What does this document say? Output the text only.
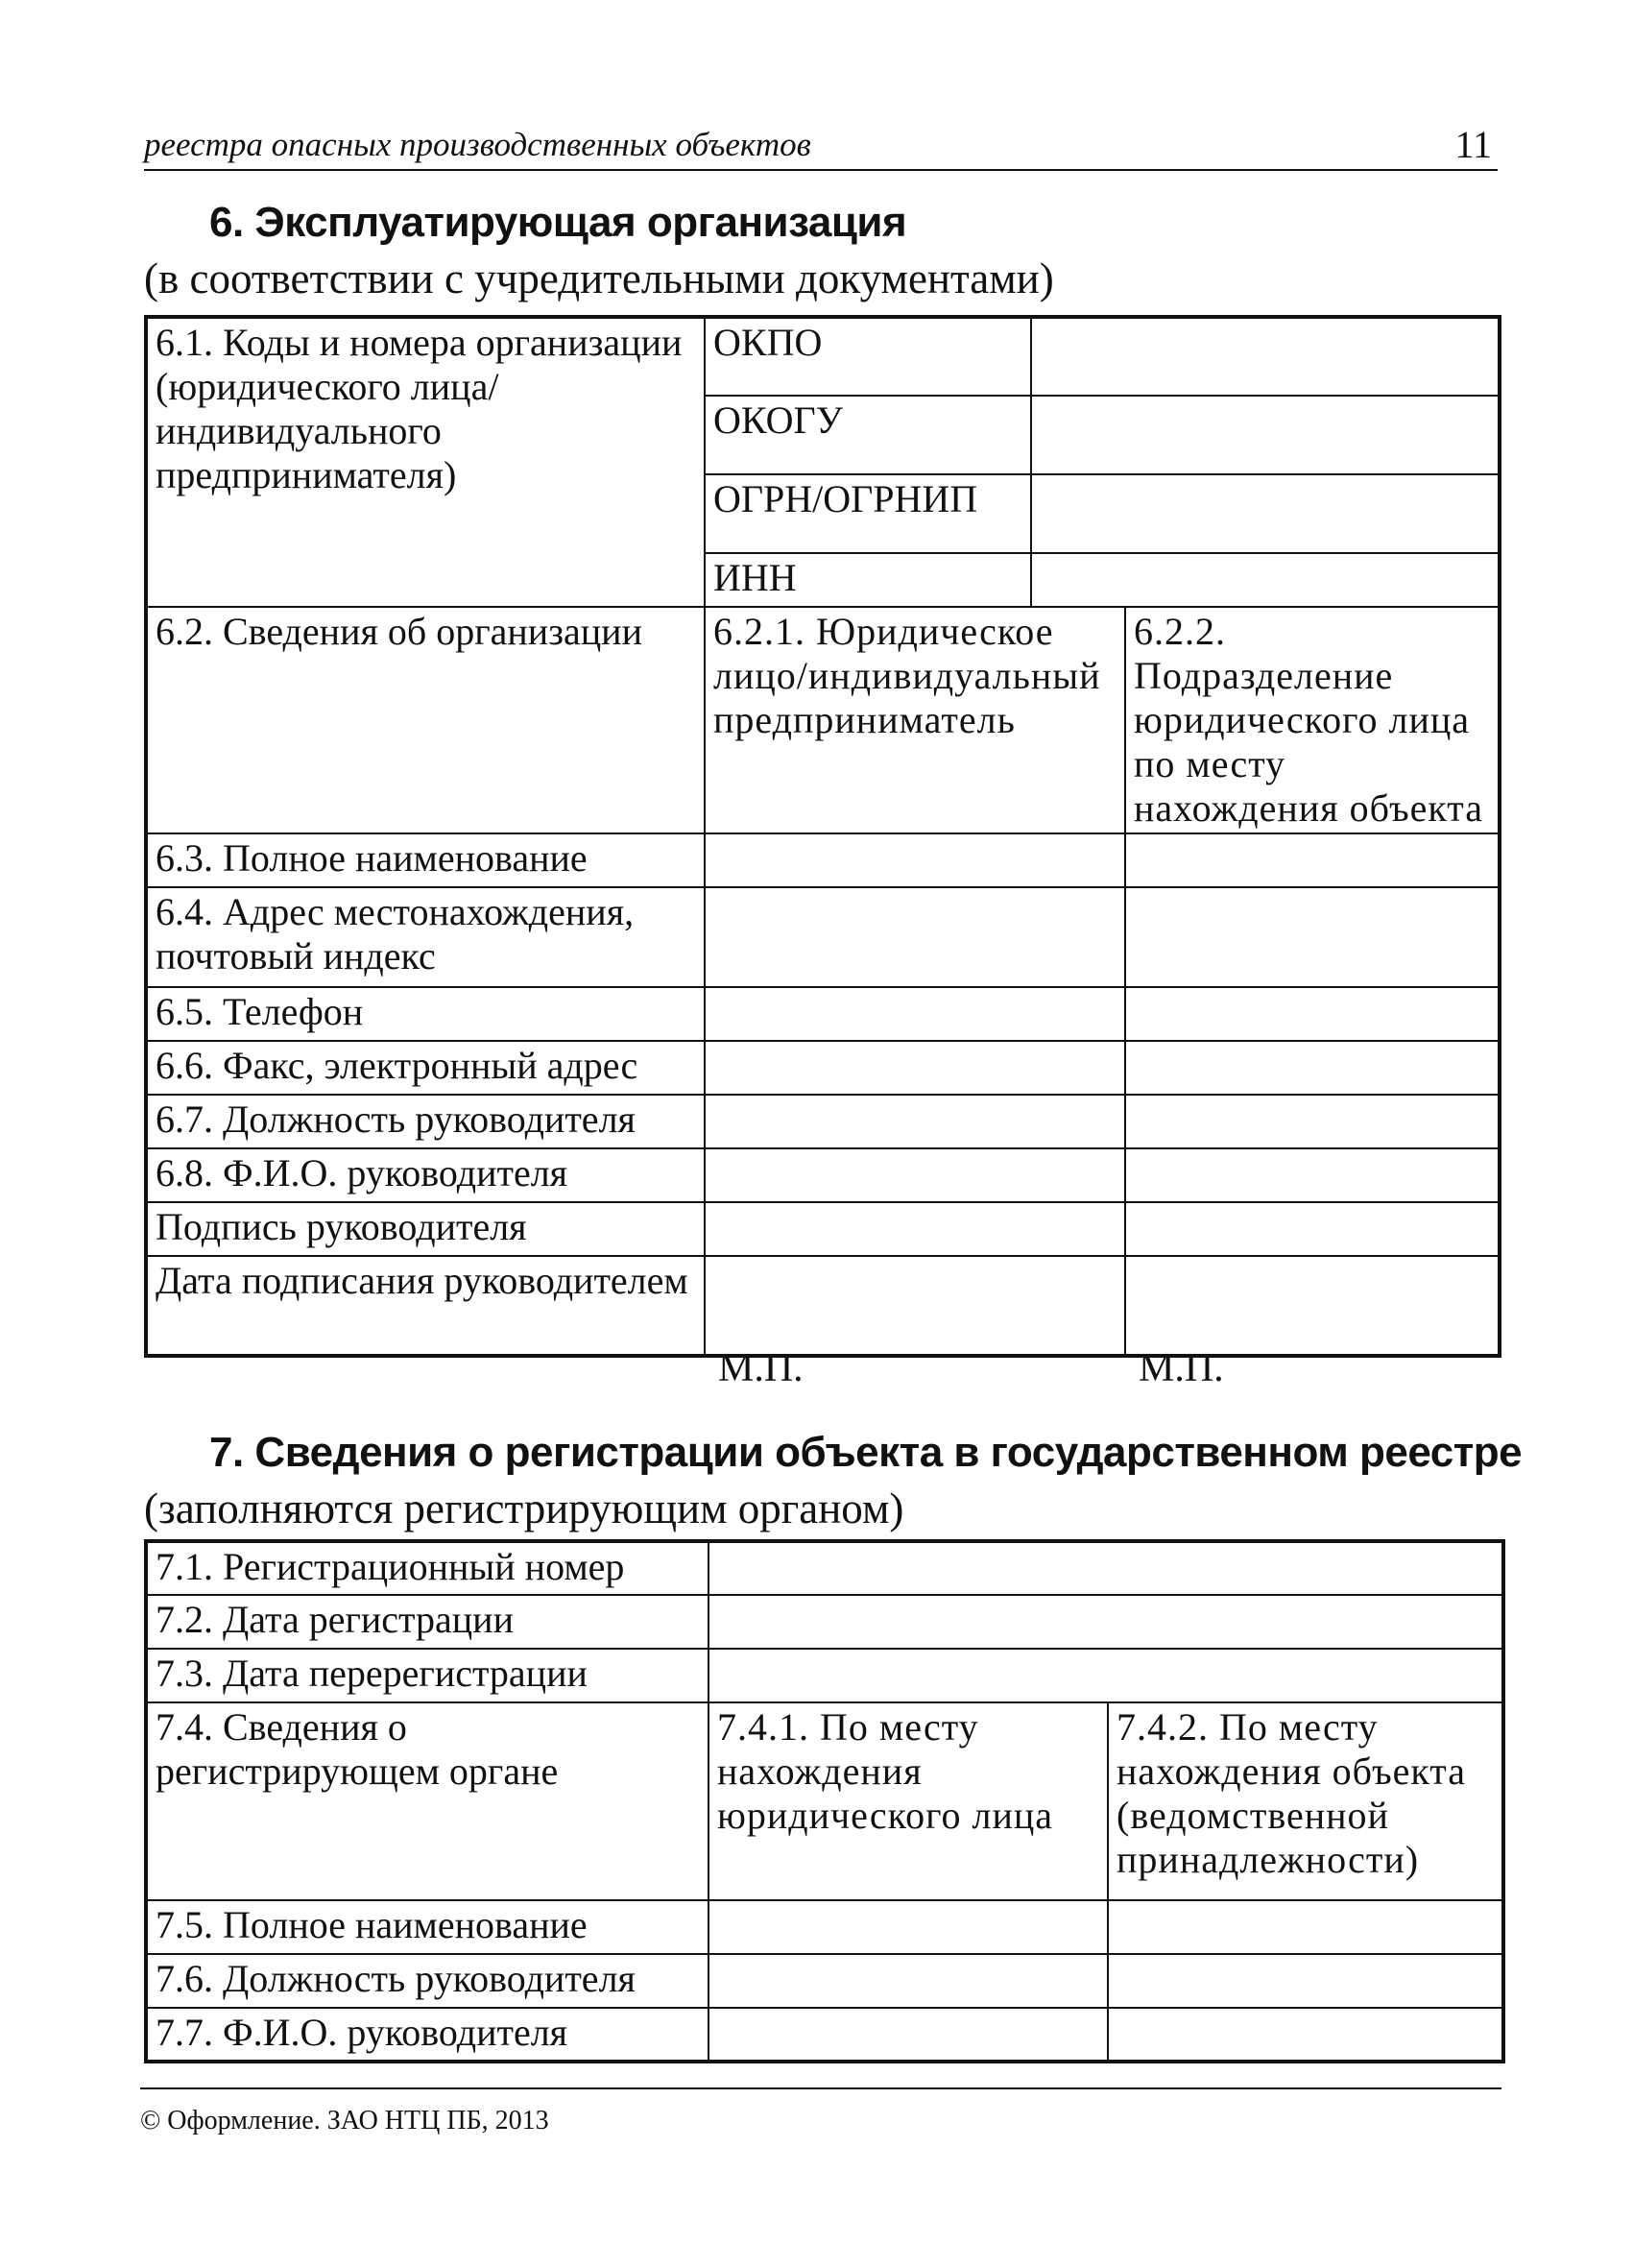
реестра опасных производственных объектов	11
6. Эксплуатирующая организация
(в соответствии с учредительными документами)
6.1. Коды и номера организации (юридического лица/индивидуального предпринимателя)	ОКПО		
	ОКОГУ		
	ОГРН/ОГРНИП		
	ИНН		
6.2. Сведения об организации	6.2.1. Юридическое лицо/индивидуальный предприниматель		6.2.2. Подразделение юридического лица по месту нахождения объекта
6.3. Полное наименование			
6.4. Адрес местонахождения, почтовый индекс			
6.5. Телефон			
6.6. Факс, электронный адрес			
6.7. Должность руководителя			
6.8. Ф.И.О. руководителя			
Подпись руководителя			
Дата подписания руководителем			
М.П.	М.П.
7. Сведения о регистрации объекта в государственном реестре
(заполняются регистрирующим органом)
7.1. Регистрационный номер		
7.2. Дата регистрации		
7.3. Дата перерегистрации		
7.4. Сведения о регистрирующем органе	7.4.1. По месту нахождения юридического лица	7.4.2. По месту нахождения объекта (ведомственной принадлежности)
7.5. Полное наименование		
7.6. Должность руководителя		
7.7. Ф.И.О. руководителя		
© Оформление. ЗАО НТЦ ПБ, 2013
